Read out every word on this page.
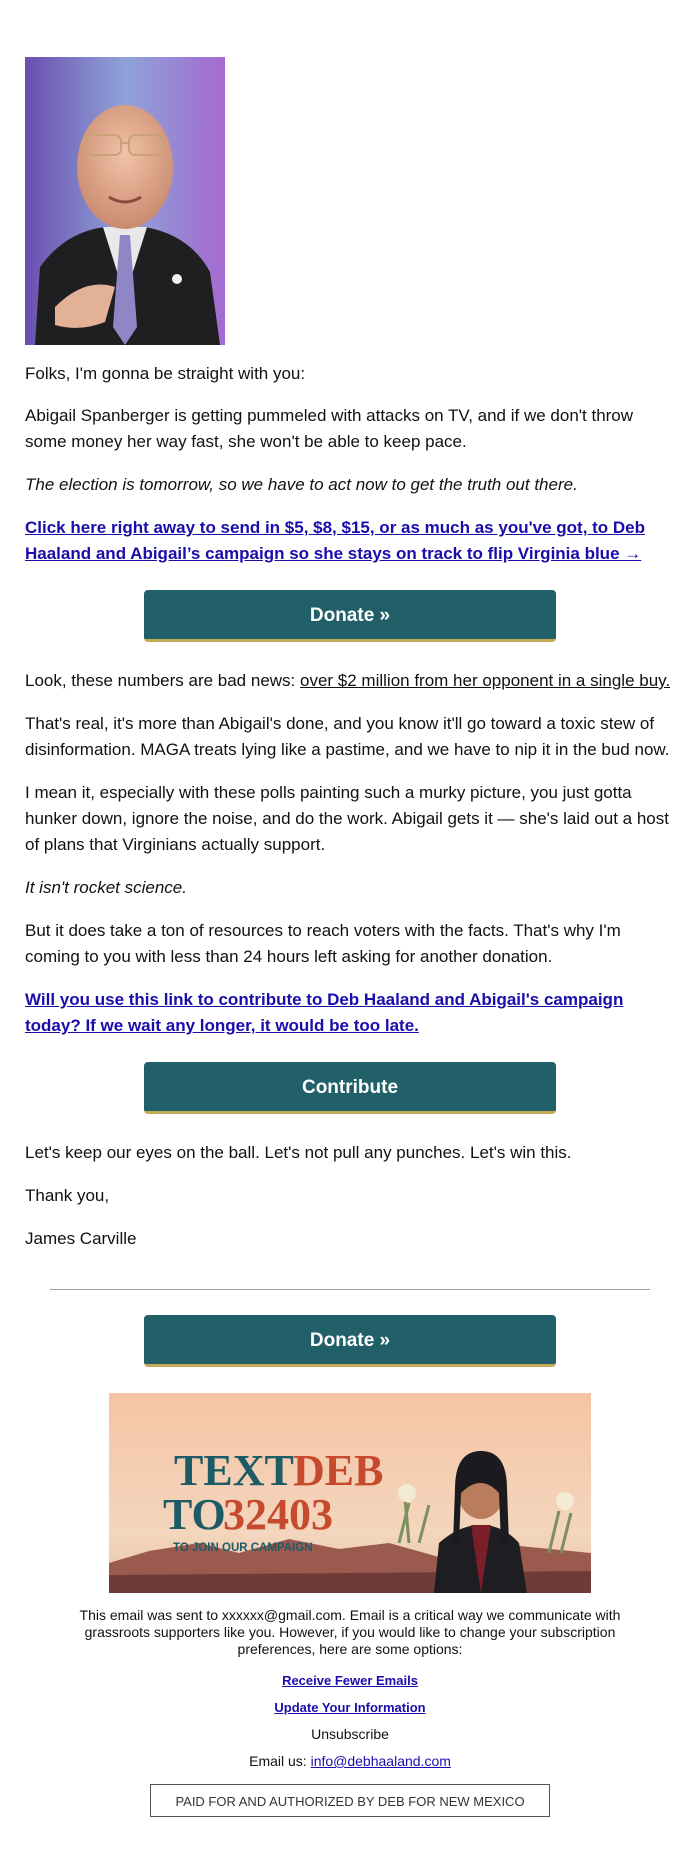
Folks, I'm gonna be straight with you:

Abigail Spanberger is getting pummeled with attacks on TV, and if we don't throw some money her way fast, she won't be able to keep pace.

The election is tomorrow, so we have to act now to get the truth out there.

Click here right away to send in $5, $8, $15, or as much as you've got, to Deb Haaland and Abigail’s campaign so she stays on track to flip Virginia blue →

Donate »

Look, these numbers are bad news: over $2 million from her opponent in a single buy.

That's real, it's more than Abigail's done, and you know it'll go toward a toxic stew of disinformation. MAGA treats lying like a pastime, and we have to nip it in the bud now.

I mean it, especially with these polls painting such a murky picture, you just gotta hunker down, ignore the noise, and do the work. Abigail gets it — she's laid out a host of plans that Virginians actually support.

It isn't rocket science.

But it does take a ton of resources to reach voters with the facts. That's why I'm coming to you with less than 24 hours left asking for another donation.

Will you use this link to contribute to Deb Haaland and Abigail's campaign today? If we wait any longer, it would be too late.

Contribute

Let's keep our eyes on the ball. Let's not pull any punches. Let's win this.

Thank you,

James Carville

Donate »
TEXT DEB
TO
32403
TO JOIN OUR CAMPAIGN
This email was sent to xxxxxx@gmail.com. Email is a critical way we communicate with grassroots supporters like you. However, if you would like to change your subscription preferences, here are some options:
Receive Fewer Emails
Update Your Information
Unsubscribe
Email us: info@debhaaland.com
PAID FOR AND AUTHORIZED BY DEB FOR NEW MEXICO
